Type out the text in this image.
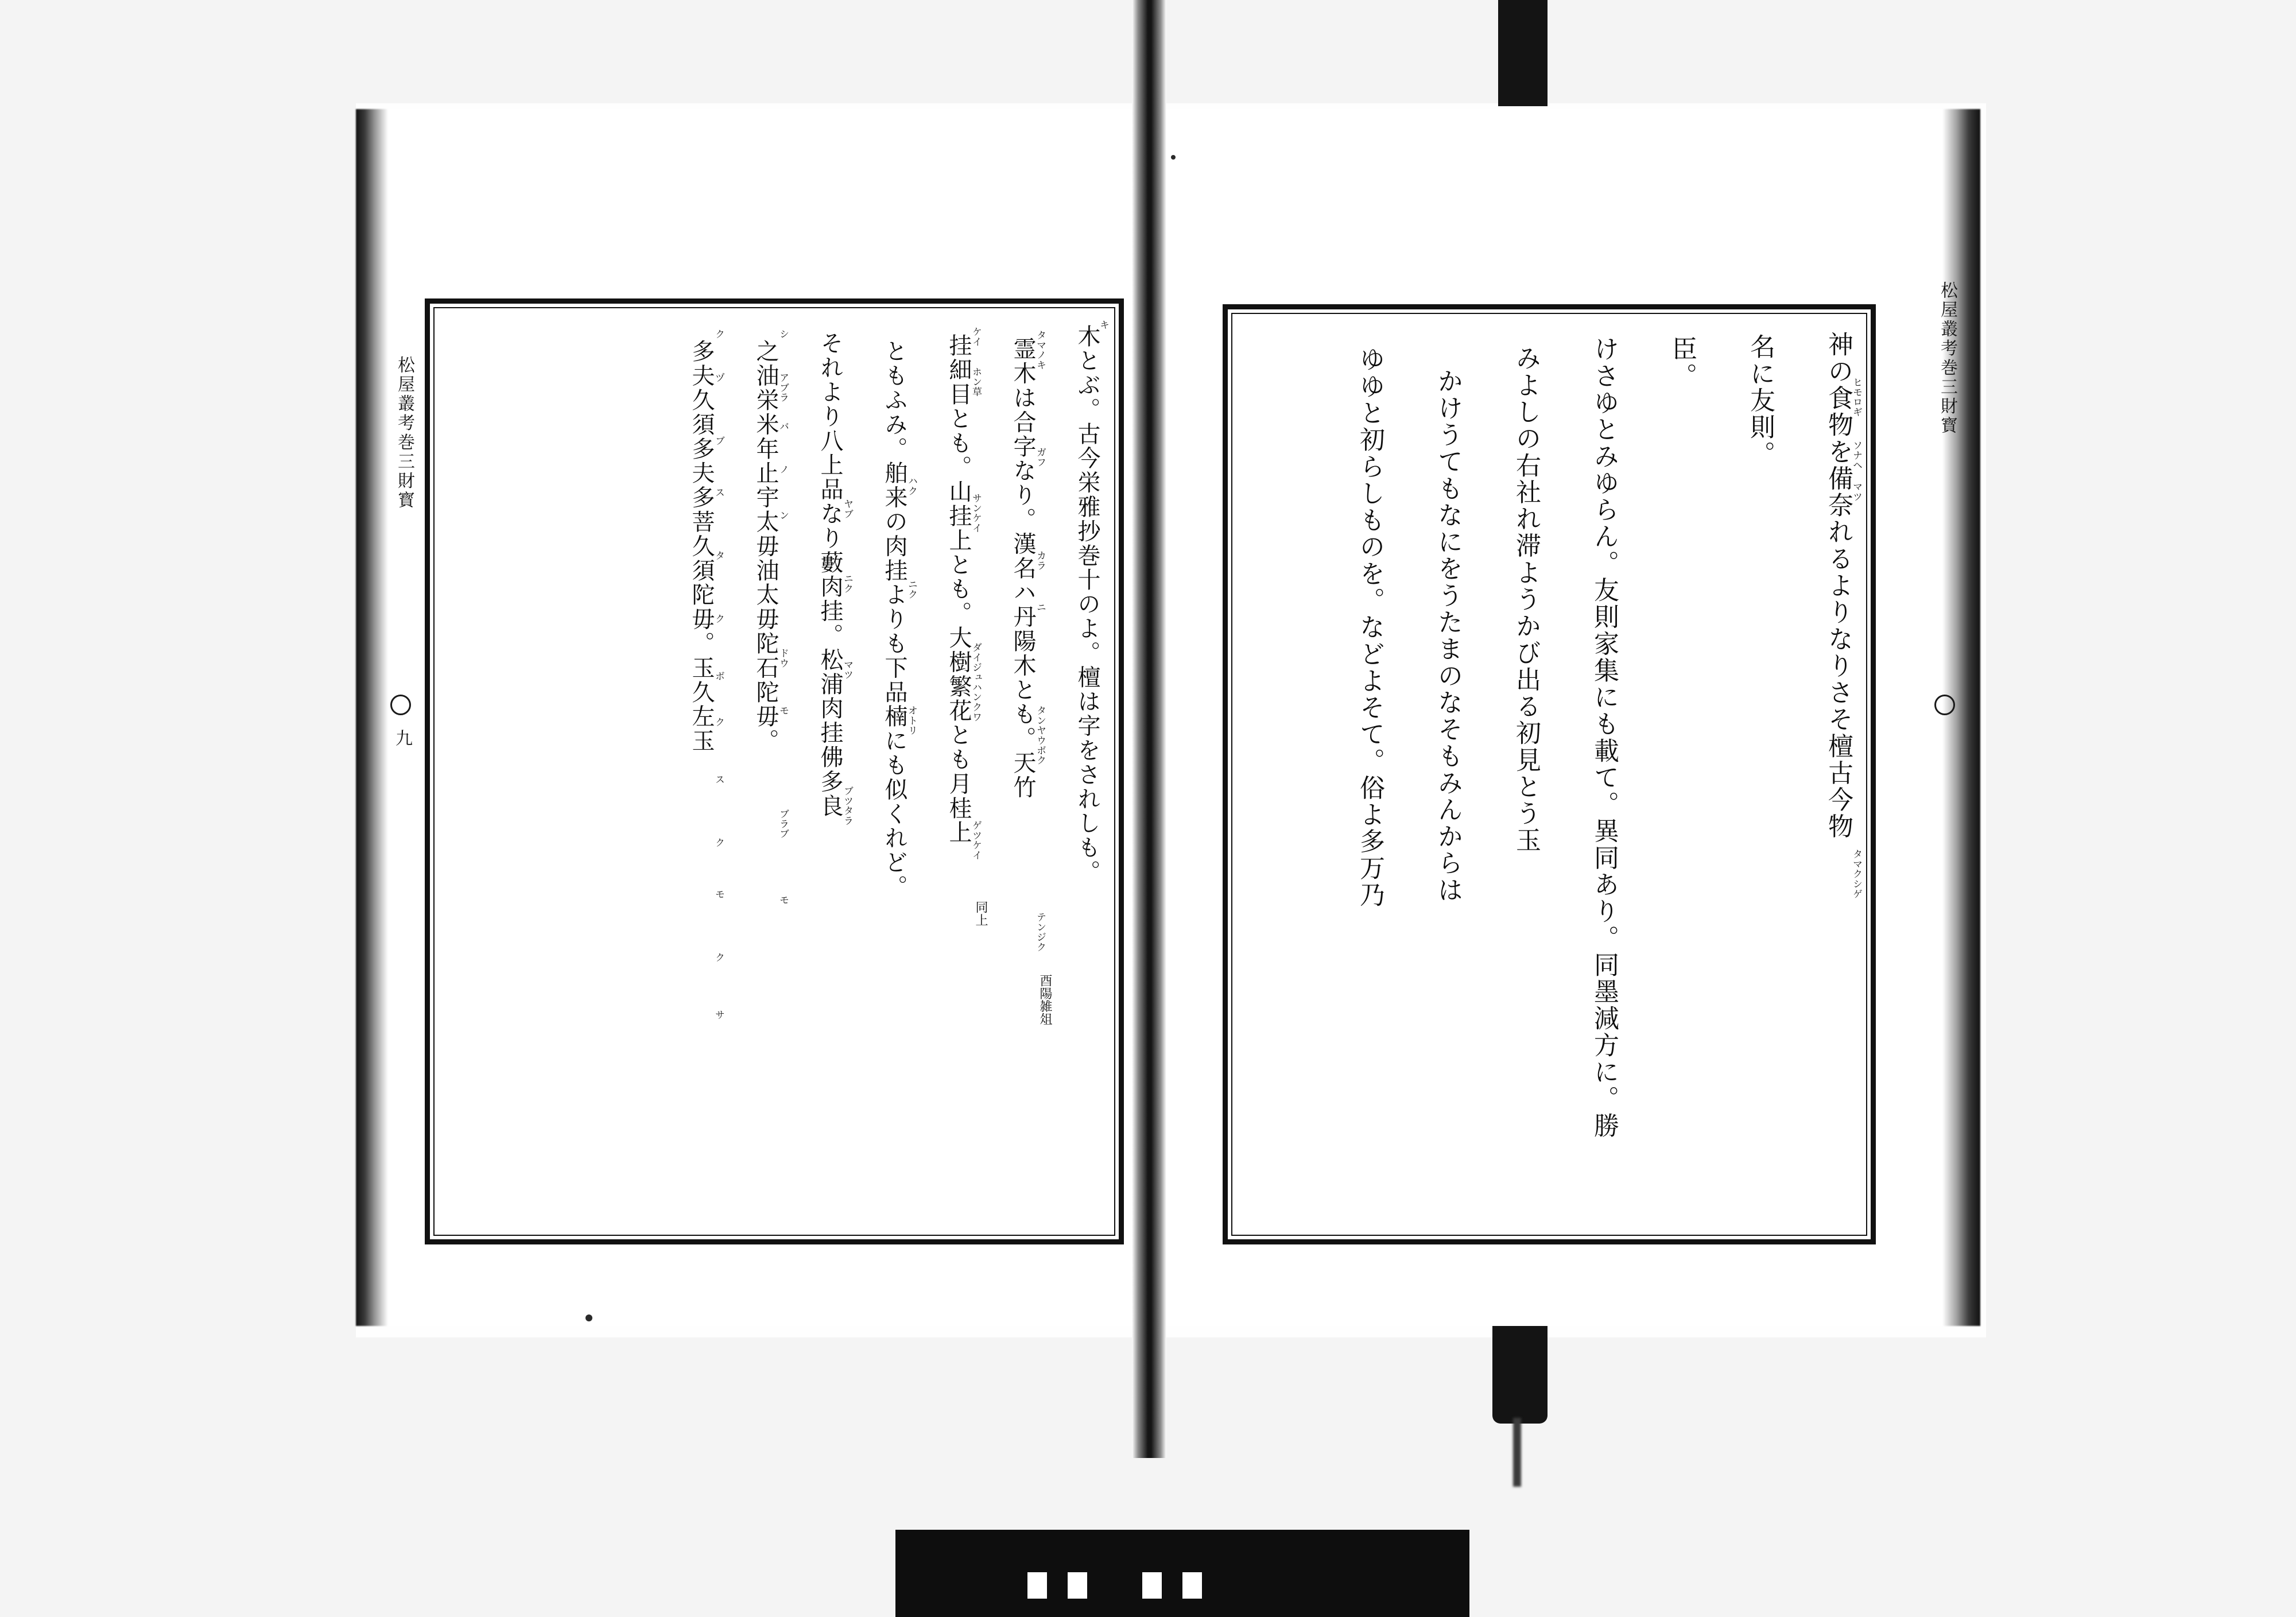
木とぶ。古今栄雅抄巻十のよ。檀は字をされしも。
キ
霊木は合字なり。漢名ハ丹陽木とも。天竹
タマノキ
ガフ
カラ
ニ
タンヤウボク
テンジク
酉陽雑俎
挂細目とも。山挂上とも。大樹繁花とも月桂上
ケイ
ホン草
サンケイ
ダイジュハンクワ
ゲツケイ
同上
ともふみ。舶来の肉挂よりも下品楠にも似くれど。
ハク
ニク
オトリ
それより八上品なり藪肉挂。松浦肉挂佛多良
ヤブ
ニク
マツ
ブツタラ
之油栄米年止宇太毋油太毋陀石陀毋。
シ
アブラ
バ
ノ
ン
ドウ
モ
ブラブ
モ
多夫久須多夫多菩久須陀毋。玉久左玉
ク
ヅ
ブ
ス
タ
ク
ボ
ク
ス
ク
モ
ク
サ
松屋叢考巻三財寳
九	神の食物を備奈れるよりなりさそ檀古今物
ヒモロギ
ソナヘ
マツ
タマクシゲ
名に友則。
臣。
けさゆとみゆらん。友則家集にも載て。異同あり。同墨減方に。勝
みよしの右社れ滞ようかび出る初見とう玉
かけうてもなにをうたまのなそもみんからは
ゆゆと初らしものを。などよそて。俗よ多万乃	松屋叢考巻三財寳
